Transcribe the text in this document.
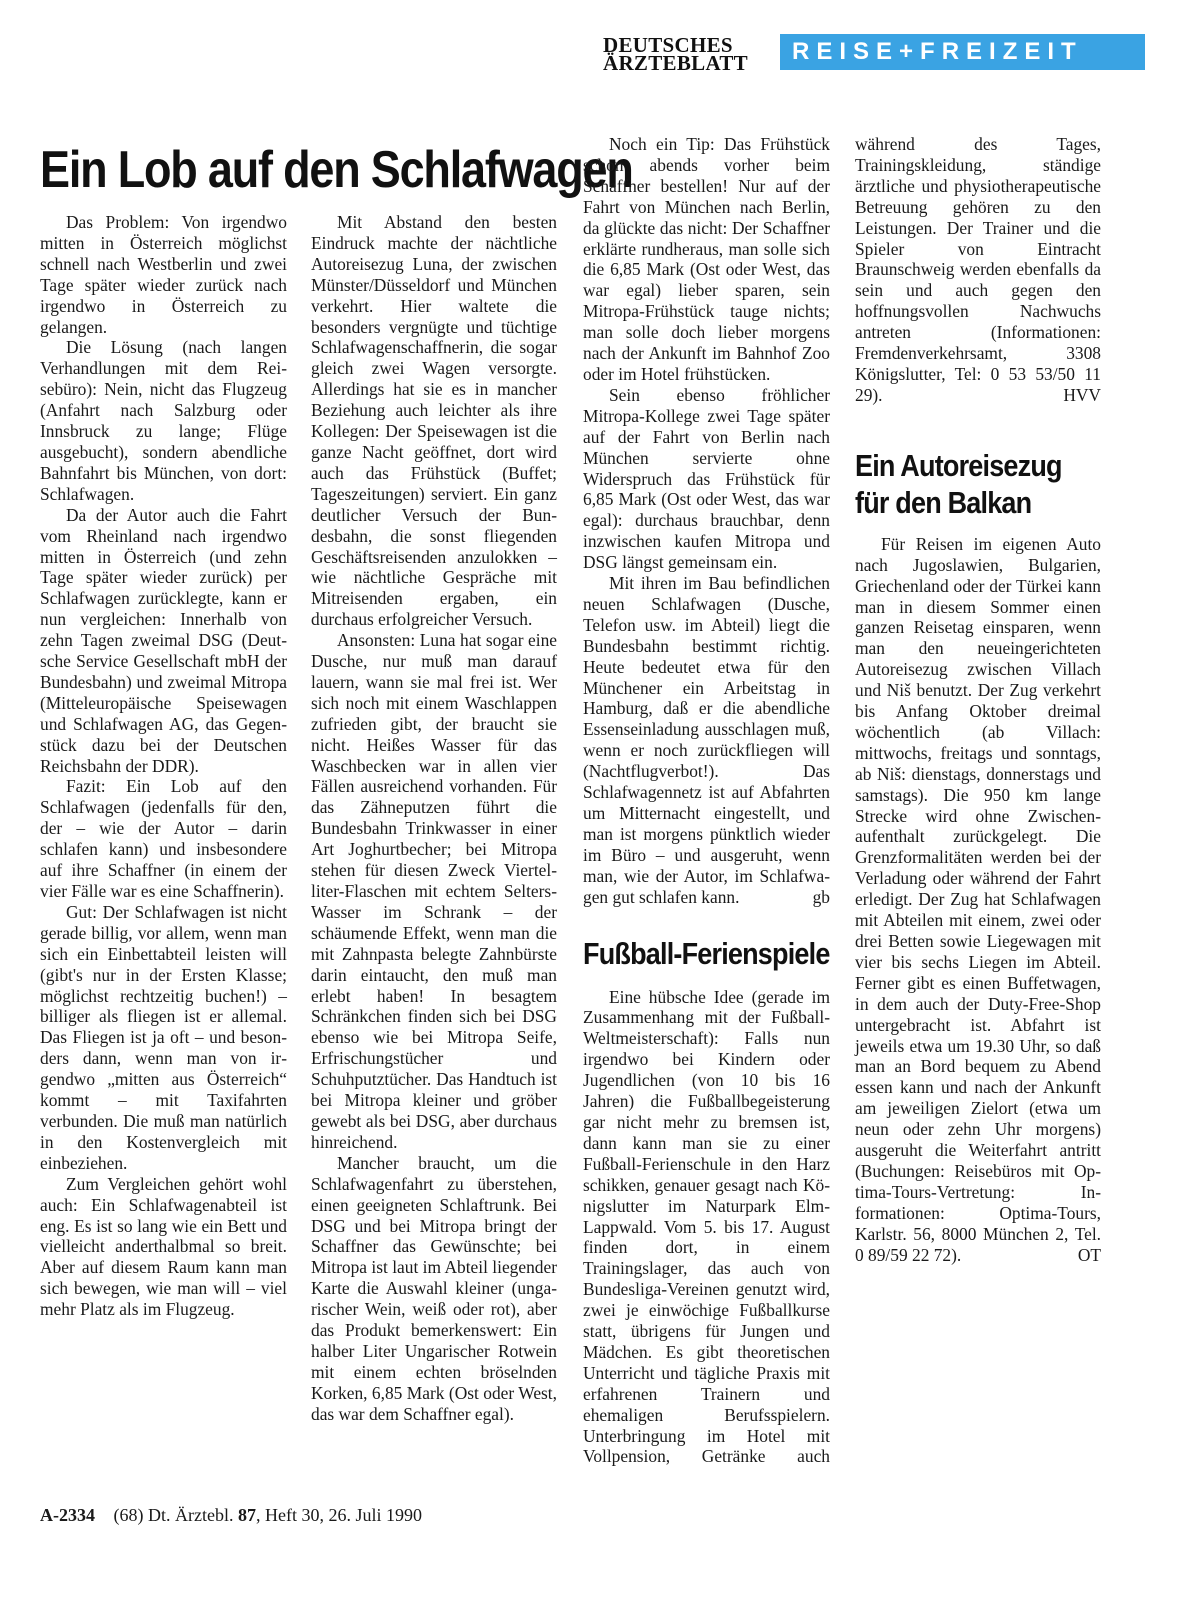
DEUTSCHES
ÄRZTEBLATT	REISE+FREIZEIT
Ein Lob auf den Schlafwagen

Das Problem: Von irgendwo mitten in Österreich möglichst schnell nach Westberlin und zwei Tage später wieder zurück nach irgendwo in Österreich zu gelangen.

Die Lösung (nach langen Verhandlungen mit dem Reisebüro): Nein, nicht das Flugzeug (Anfahrt nach Salzburg oder Innsbruck zu lange; Flüge ausgebucht), sondern abendliche Bahnfahrt bis München, von dort: Schlafwagen.

Da der Autor auch die Fahrt vom Rheinland nach irgendwo mitten in Österreich (und zehn Tage später wieder zurück) per Schlafwagen zurücklegte, kann er nun vergleichen: Innerhalb von zehn Tagen zweimal DSG (Deutsche Service Gesellschaft mbH der Bundesbahn) und zweimal Mitropa (Mitteleuropäische Speisewagen und Schlafwagen AG, das Gegenstück dazu bei der Deutschen Reichsbahn der DDR).

Fazit: Ein Lob auf den Schlafwagen (jedenfalls für den, der – wie der Autor – darin schlafen kann) und insbesondere auf ihre Schaffner (in einem der vier Fälle war es eine Schaffnerin).

Gut: Der Schlafwagen ist nicht gerade billig, vor allem, wenn man sich ein Einbettabteil leisten will (gibt's nur in der Ersten Klasse; möglichst rechtzeitig buchen!) – billiger als fliegen ist er allemal. Das Fliegen ist ja oft – und besonders dann, wenn man von irgendwo „mitten aus Österreich“ kommt – mit Taxifahrten verbunden. Die muß man natürlich in den Kostenvergleich mit einbeziehen.

Zum Vergleichen gehört wohl auch: Ein Schlafwagenabteil ist eng. Es ist so lang wie ein Bett und vielleicht anderthalbmal so breit. Aber auf diesem Raum kann man sich bewegen, wie man will – viel mehr Platz als im Flugzeug.

Mit Abstand den besten Eindruck machte der nächtliche Autoreisezug Luna, der zwischen Münster/Düsseldorf und München verkehrt. Hier waltete die besonders vergnügte und tüchtige Schlafwagenschaffnerin, die sogar gleich zwei Wagen versorgte. Allerdings hat sie es in mancher Beziehung auch leichter als ihre Kollegen: Der Speisewagen ist die ganze Nacht geöffnet, dort wird auch das Frühstück (Buffet; Tageszeitungen) serviert. Ein ganz deutlicher Versuch der Bundesbahn, die sonst fliegenden Geschäftsreisenden anzulokken – wie nächtliche Gespräche mit Mitreisenden ergaben, ein durchaus erfolgreicher Versuch.

Ansonsten: Luna hat sogar eine Dusche, nur muß man darauf lauern, wann sie mal frei ist. Wer sich noch mit einem Waschlappen zufrieden gibt, der braucht sie nicht. Heißes Wasser für das Waschbecken war in allen vier Fällen ausreichend vorhanden. Für das Zähneputzen führt die Bundesbahn Trinkwasser in einer Art Joghurtbecher; bei Mitropa stehen für diesen Zweck Viertelliter-Flaschen mit echtem Selters-Wasser im Schrank – der schäumende Effekt, wenn man die mit Zahnpasta belegte Zahnbürste darin eintaucht, den muß man erlebt haben! In besagtem Schränkchen finden sich bei DSG ebenso wie bei Mitropa Seife, Erfrischungstücher und Schuhputztücher. Das Handtuch ist bei Mitropa kleiner und gröber gewebt als bei DSG, aber durchaus hinreichend.

Mancher braucht, um die Schlafwagenfahrt zu überstehen, einen geeigneten Schlaftrunk. Bei DSG und bei Mitropa bringt der Schaffner das Gewünschte; bei Mitropa ist laut im Abteil liegender Karte die Auswahl kleiner (ungarischer Wein, weiß oder rot), aber das Produkt bemerkenswert: Ein halber Liter Ungarischer Rotwein mit einem echten bröselnden Korken, 6,85 Mark (Ost oder West, das war dem Schaffner egal).

Noch ein Tip: Das Frühstück schon abends vorher beim Schaffner bestellen! Nur auf der Fahrt von München nach Berlin, da glückte das nicht: Der Schaffner erklärte rundheraus, man solle sich die 6,85 Mark (Ost oder West, das war egal) lieber sparen, sein Mitropa-Frühstück tauge nichts; man solle doch lieber morgens nach der Ankunft im Bahnhof Zoo oder im Hotel frühstücken.

Sein ebenso fröhlicher Mitropa-Kollege zwei Tage später auf der Fahrt von Berlin nach München servierte ohne Widerspruch das Frühstück für 6,85 Mark (Ost oder West, das war egal): durchaus brauchbar, denn inzwischen kaufen Mitropa und DSG längst gemeinsam ein.

Mit ihren im Bau befindlichen neuen Schlafwagen (Dusche, Telefon usw. im Abteil) liegt die Bundesbahn bestimmt richtig. Heute bedeutet etwa für den Münchener ein Arbeitstag in Hamburg, daß er die abendliche Essenseinladung ausschlagen muß, wenn er noch zurückfliegen will (Nachtflugverbot!). Das Schlafwagennetz ist auf Abfahrten um Mitternacht eingestellt, und man ist morgens pünktlich wieder im Büro – und ausgeruht, wenn man, wie der Autor, im Schlafwagen gut schlafen kann.	gb

Fußball-Ferienspiele

Eine hübsche Idee (gerade im Zusammenhang mit der Fußball-Weltmeisterschaft): Falls nun irgendwo bei Kindern oder Jugendlichen (von 10 bis 16 Jahren) die Fußballbegeisterung gar nicht mehr zu bremsen ist, dann kann man sie zu einer Fußball-Ferienschule in den Harz schikken, genauer gesagt nach Königslutter im Naturpark Elm-Lappwald. Vom 5. bis 17. August finden dort, in einem Trainingslager, das auch von Bundesliga-Vereinen genutzt wird, zwei je einwöchige Fußballkurse statt, übrigens für Jungen und Mädchen. Es gibt theoretischen Unterricht und tägliche Praxis mit erfahrenen Trainern und ehemaligen Berufsspielern. Unterbringung im Hotel mit Vollpension, Getränke auch

während des Tages, Trainingskleidung, ständige ärztliche und physiotherapeutische Betreuung gehören zu den Leistungen. Der Trainer und die Spieler von Eintracht Braunschweig werden ebenfalls da sein und auch gegen den hoffnungsvollen Nachwuchs antreten (Informationen: Fremdenverkehrsamt, 3308 Königslutter, Tel: 0 53 53/50 11 29).	HVV

Ein Autoreisezug für den Balkan

Für Reisen im eigenen Auto nach Jugoslawien, Bulgarien, Griechenland oder der Türkei kann man in diesem Sommer einen ganzen Reisetag einsparen, wenn man den neueingerichteten Autoreisezug zwischen Villach und Niš benutzt. Der Zug verkehrt bis Anfang Oktober dreimal wöchentlich (ab Villach: mittwochs, freitags und sonntags, ab Niš: dienstags, donnerstags und samstags). Die 950 km lange Strecke wird ohne Zwischenaufenthalt zurückgelegt. Die Grenzformalitäten werden bei der Verladung oder während der Fahrt erledigt. Der Zug hat Schlafwagen mit Abteilen mit einem, zwei oder drei Betten sowie Liegewagen mit vier bis sechs Liegen im Abteil. Ferner gibt es einen Buffetwagen, in dem auch der Duty-Free-Shop untergebracht ist. Abfahrt ist jeweils etwa um 19.30 Uhr, so daß man an Bord bequem zu Abend essen kann und nach der Ankunft am jeweiligen Zielort (etwa um neun oder zehn Uhr morgens) ausgeruht die Weiterfahrt antritt (Buchungen: Reisebüros mit Optima-Tours-Vertretung: Informationen: Optima-Tours, Karlstr. 56, 8000 München 2, Tel. 0 89/59 22 72).	OT

A-2334 (68) Dt. Ärztebl. 87, Heft 30, 26. Juli 1990
